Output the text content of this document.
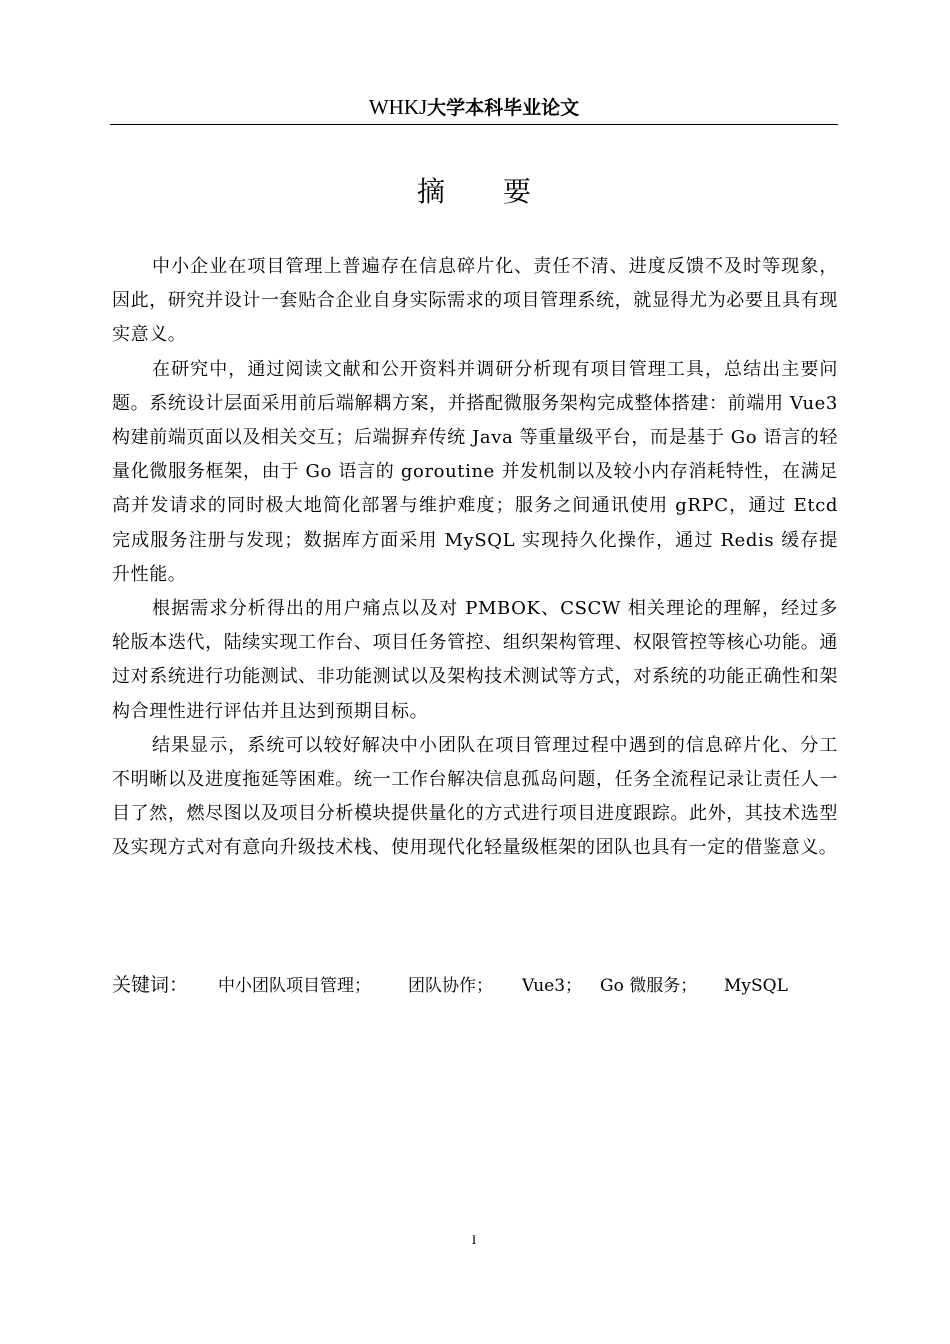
WHKJ大学本科毕业论文
摘要

中小企业在项目管理上普遍存在信息碎片化、责任不清、进度反馈不及时等现象，因此，研究并设计一套贴合企业自身实际需求的项目管理系统，就显得尤为必要且具有现实意义。

在研究中，通过阅读文献和公开资料并调研分析现有项目管理工具，总结出主要问题。系统设计层面采用前后端解耦方案，并搭配微服务架构完成整体搭建：前端用 Vue3 构建前端页面以及相关交互；后端摒弃传统 Java 等重量级平台，而是基于 Go 语言的轻量化微服务框架，由于 Go 语言的 goroutine 并发机制以及较小内存消耗特性，在满足高并发请求的同时极大地简化部署与维护难度；服务之间通讯使用 gRPC，通过 Etcd 完成服务注册与发现；数据库方面采用 MySQL 实现持久化操作，通过 Redis 缓存提升性能。

根据需求分析得出的用户痛点以及对 PMBOK、CSCW 相关理论的理解，经过多轮版本迭代，陆续实现工作台、项目任务管控、组织架构管理、权限管控等核心功能。通过对系统进行功能测试、非功能测试以及架构技术测试等方式，对系统的功能正确性和架构合理性进行评估并且达到预期目标。

结果显示，系统可以较好解决中小团队在项目管理过程中遇到的信息碎片化、分工不明晰以及进度拖延等困难。统一工作台解决信息孤岛问题，任务全流程记录让责任人一目了然，燃尽图以及项目分析模块提供量化的方式进行项目进度跟踪。此外，其技术选型及实现方式对有意向升级技术栈、使用现代化轻量级框架的团队也具有一定的借鉴意义。

关键词： 中小团队项目管理； 团队协作； Vue3； Go 微服务； MySQL
I
